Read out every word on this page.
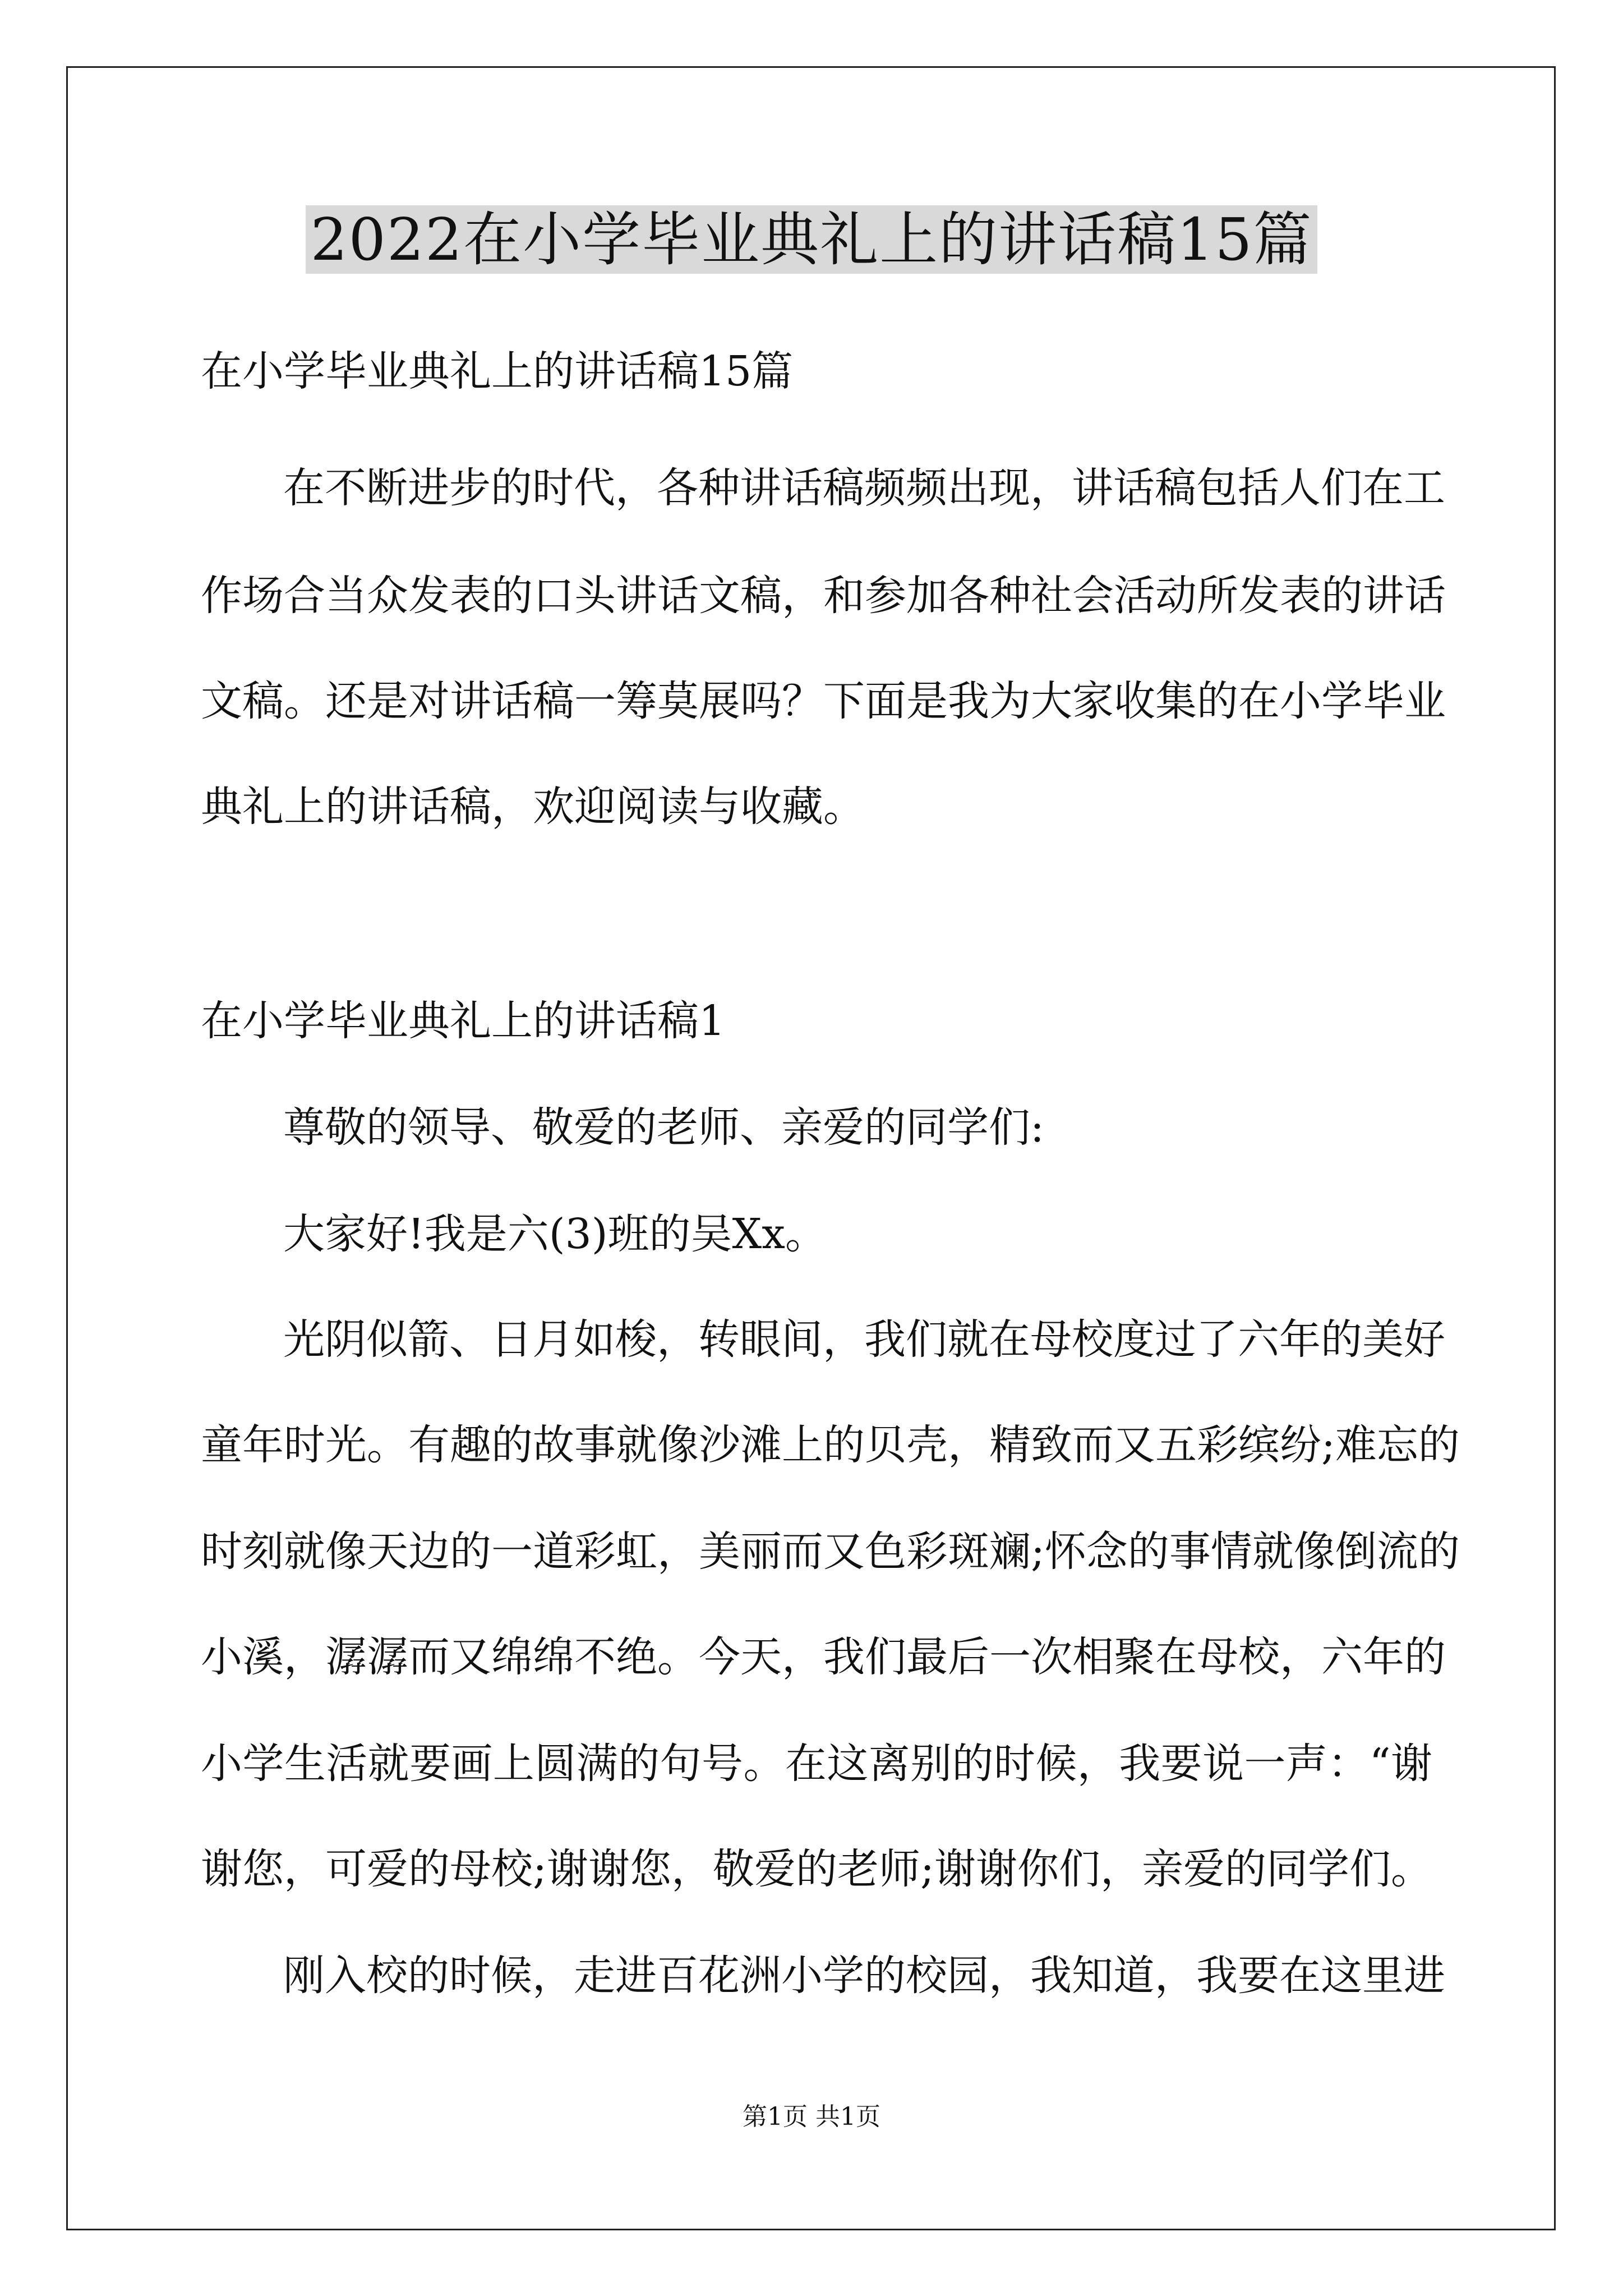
2022在小学毕业典礼上的讲话稿15篇
在小学毕业典礼上的讲话稿15篇
在不断进步的时代，各种讲话稿频频出现，讲话稿包括人们在工
作场合当众发表的口头讲话文稿，和参加各种社会活动所发表的讲话
文稿。还是对讲话稿一筹莫展吗？下面是我为大家收集的在小学毕业
典礼上的讲话稿，欢迎阅读与收藏。
在小学毕业典礼上的讲话稿1
尊敬的领导、敬爱的老师、亲爱的同学们:
大家好!我是六(3)班的吴Xx。
光阴似箭、日月如梭，转眼间，我们就在母校度过了六年的美好
童年时光。有趣的故事就像沙滩上的贝壳，精致而又五彩缤纷;难忘的
时刻就像天边的一道彩虹，美丽而又色彩斑斓;怀念的事情就像倒流的
小溪，潺潺而又绵绵不绝。今天，我们最后一次相聚在母校，六年的
小学生活就要画上圆满的句号。在这离别的时候，我要说一声：“谢
谢您，可爱的母校;谢谢您，敬爱的老师;谢谢你们，亲爱的同学们。
刚入校的时候，走进百花洲小学的校园，我知道，我要在这里进
第1页 共1页
